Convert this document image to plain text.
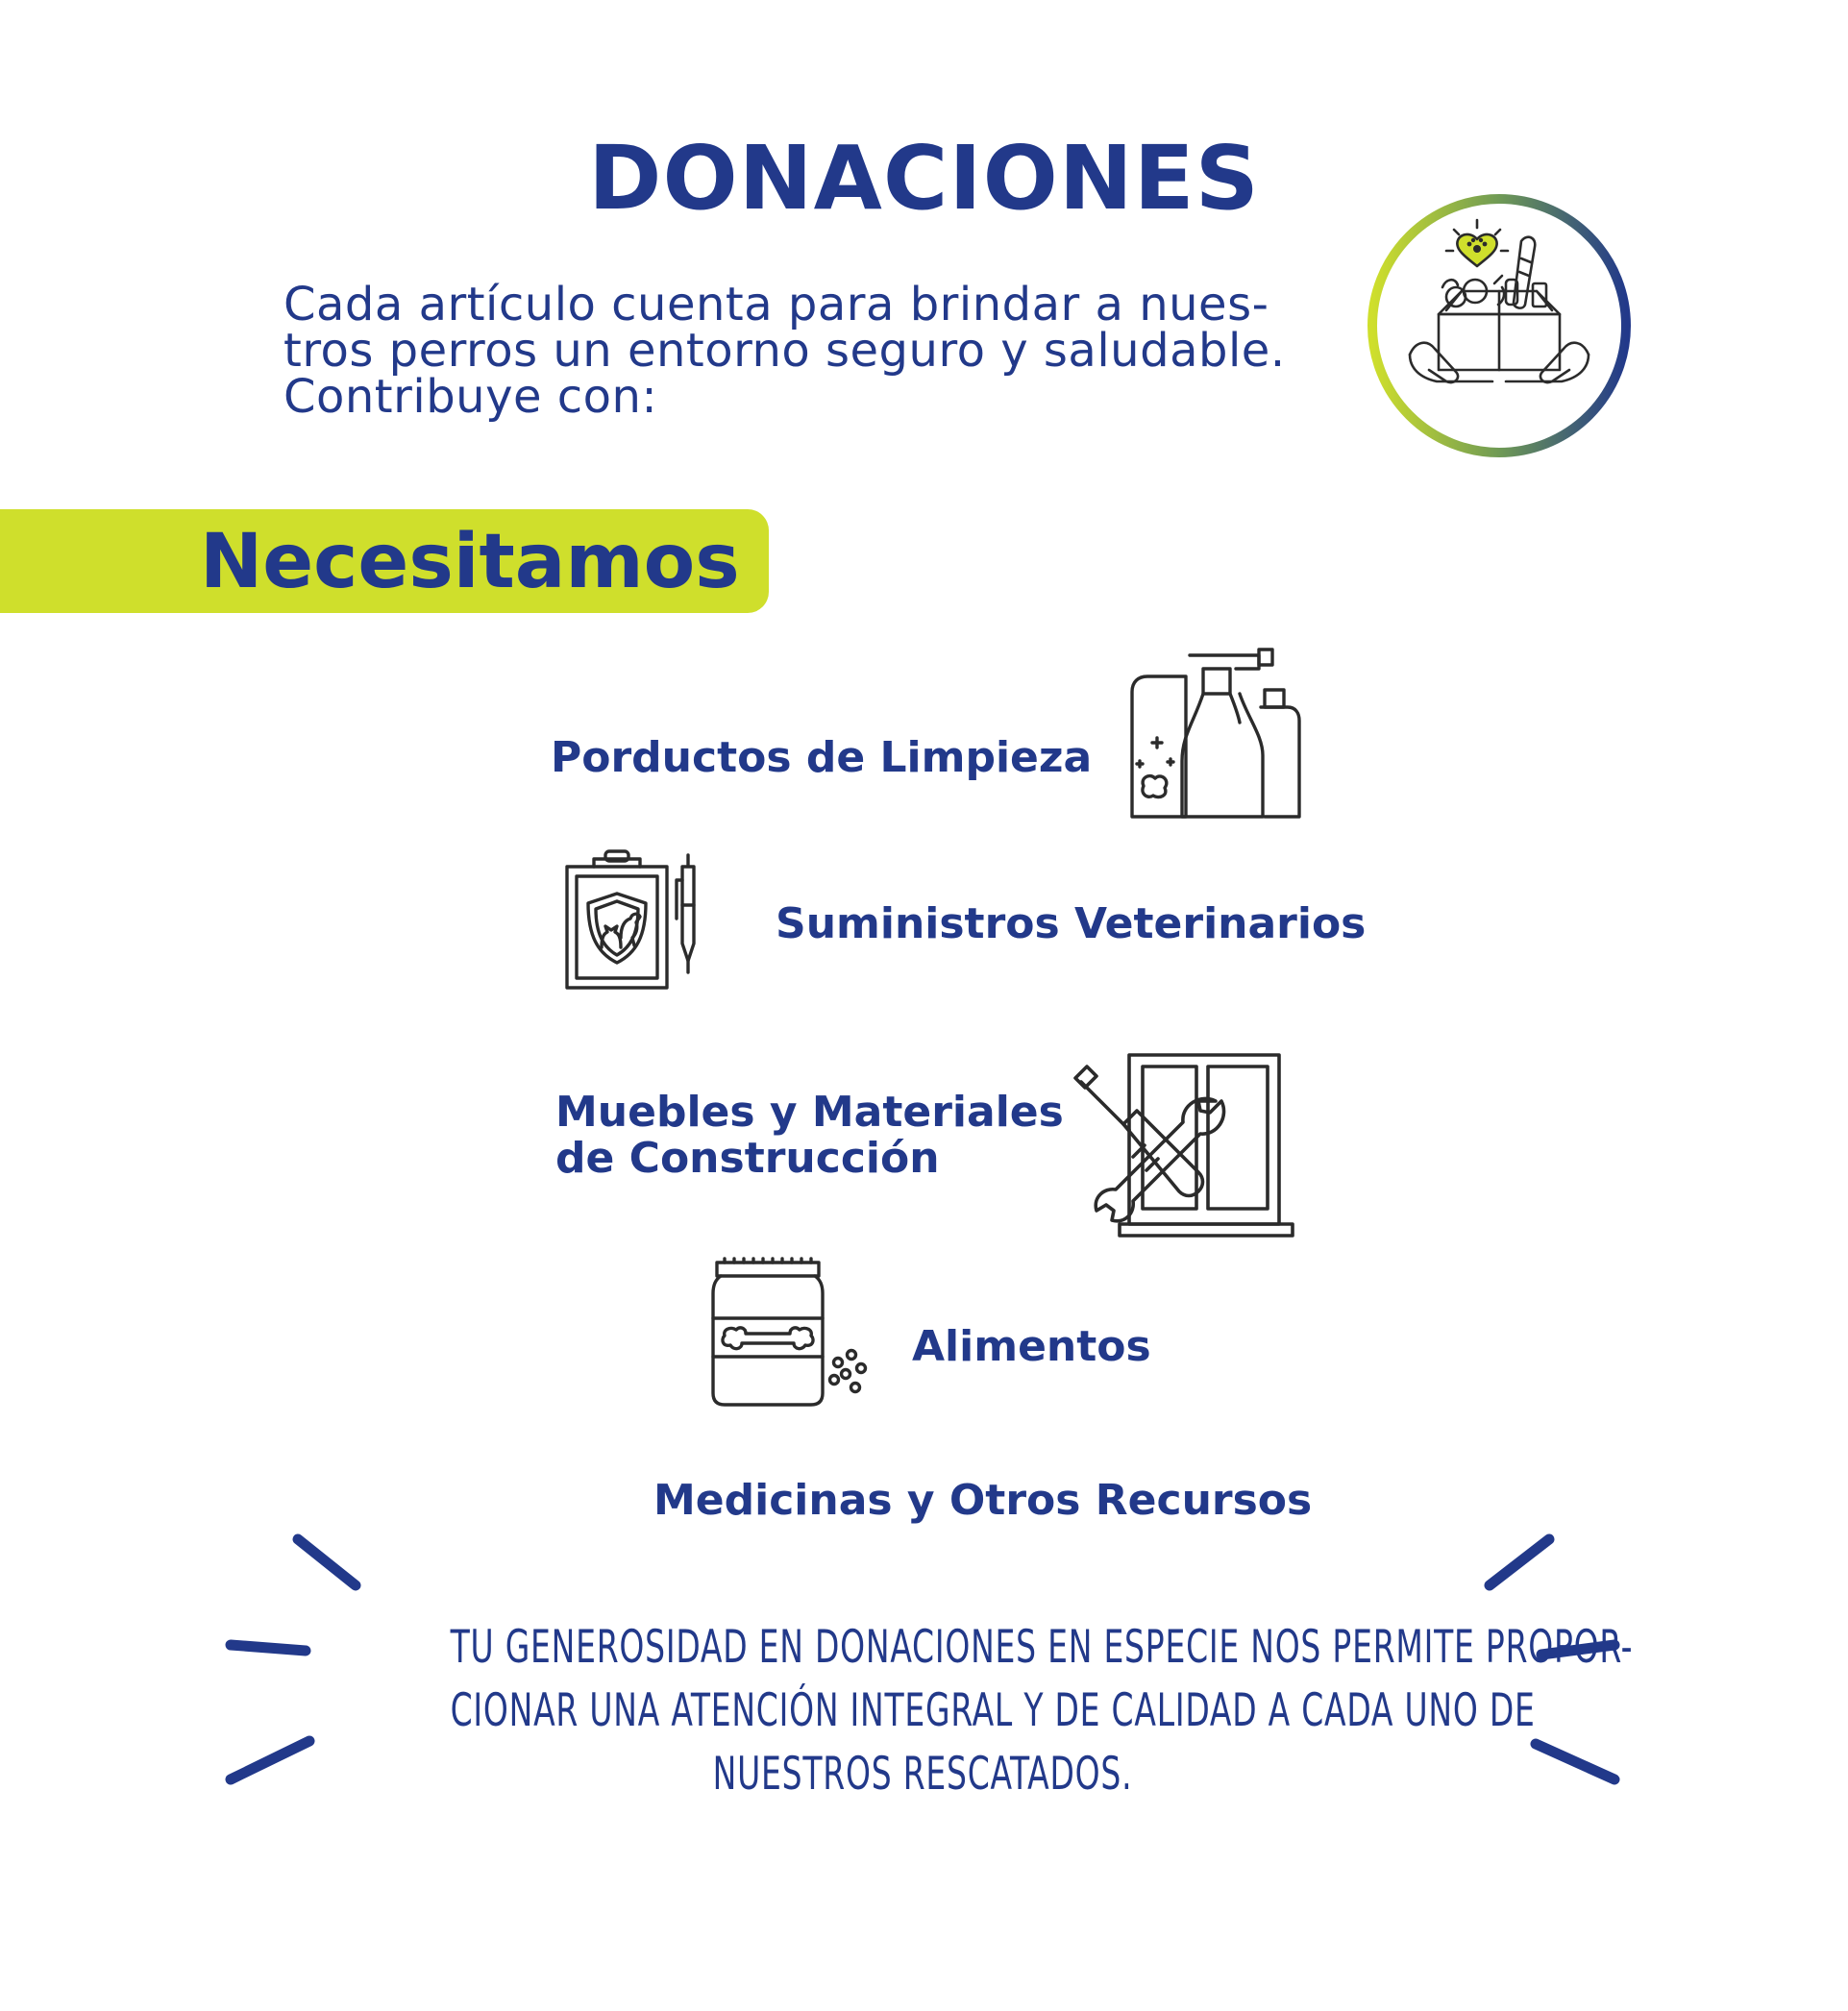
DONACIONES
Cada artículo cuenta para brindar a nues-
tros perros un entorno seguro y saludable.
Contribuye con:
Necesitamos
Porductos de Limpieza
Suministros Veterinarios
Muebles y Materiales
de Construcción
Alimentos
Medicinas y Otros Recursos
TU GENEROSIDAD EN DONACIONES EN ESPECIE NOS PERMITE PROPOR-
CIONAR UNA ATENCIÓN INTEGRAL Y DE CALIDAD A CADA UNO DE
NUESTROS RESCATADOS.
